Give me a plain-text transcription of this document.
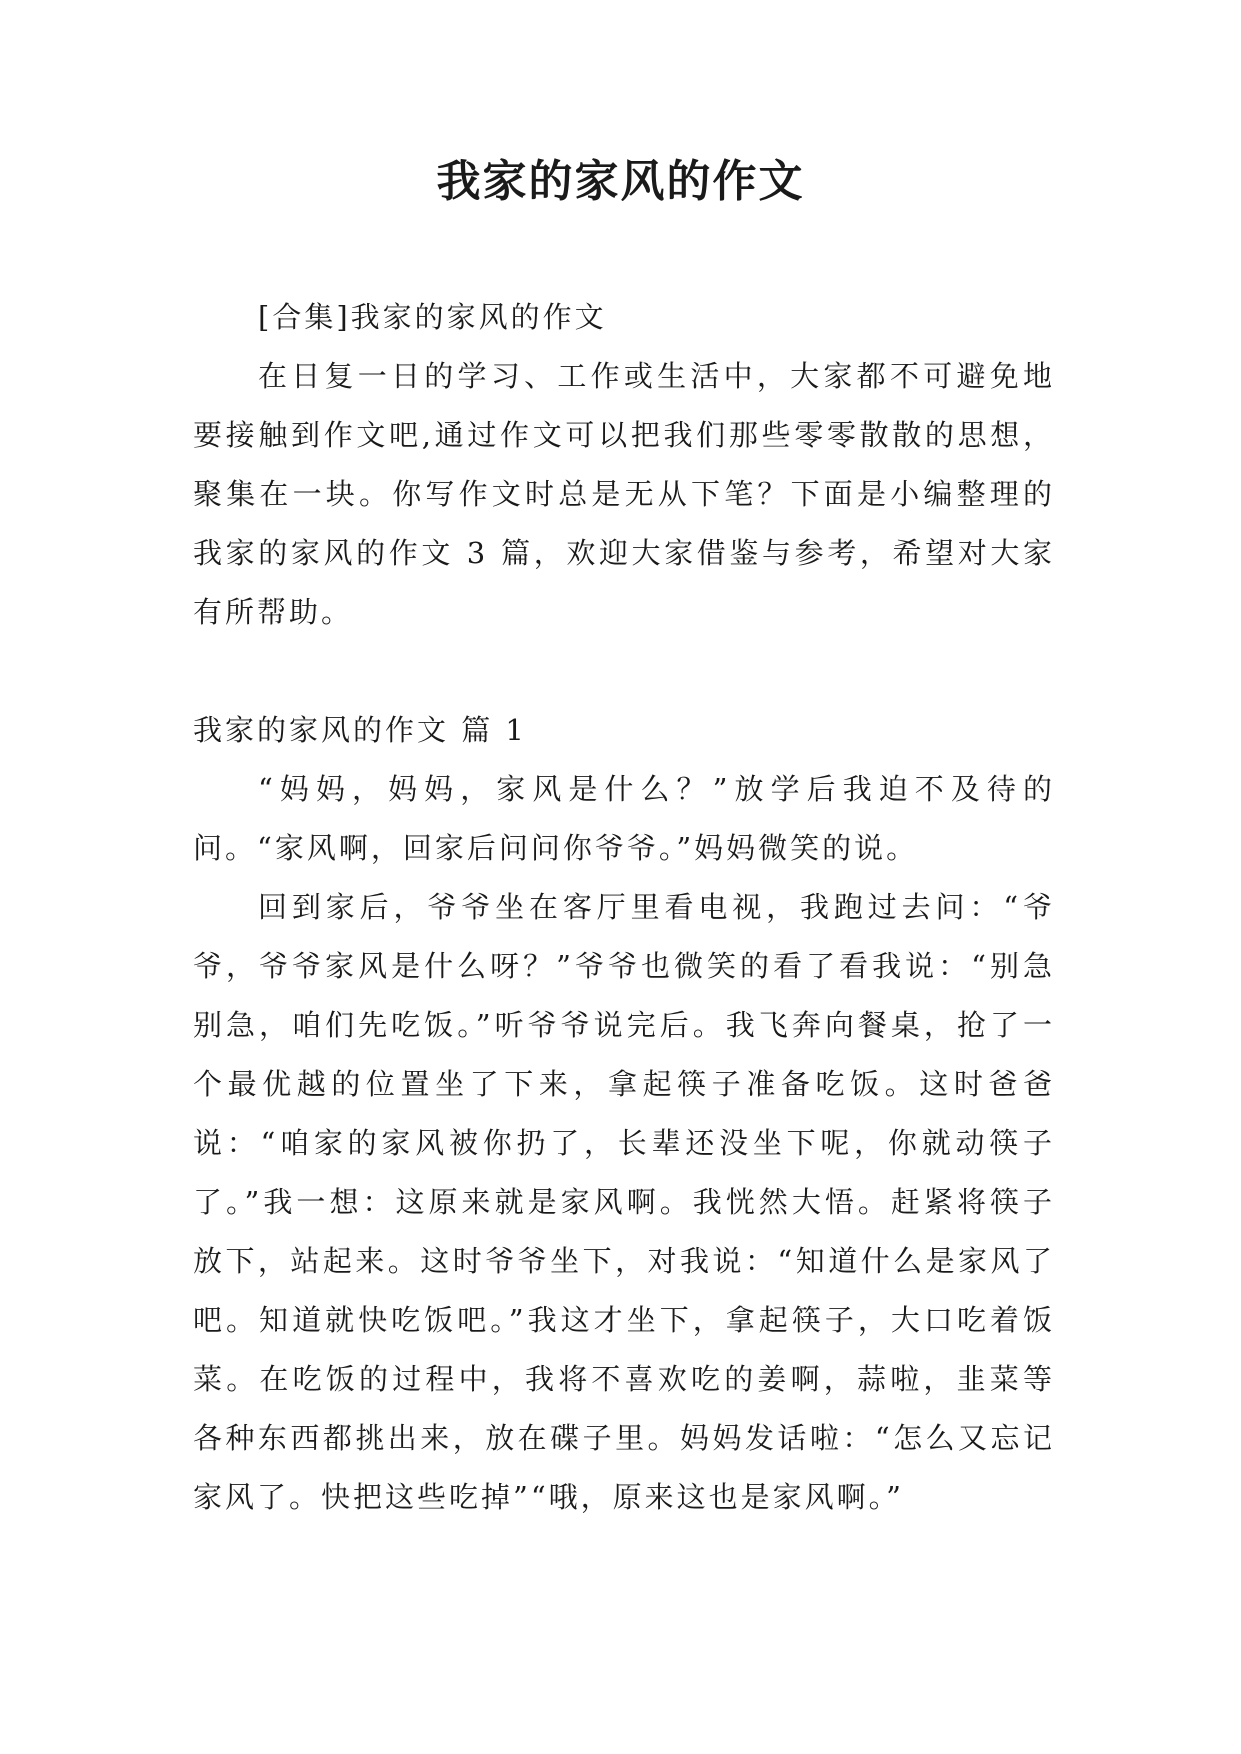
我家的家风的作文

[合集]我家的家风的作文

在日复一日的学习、工作或生活中，大家都不可避免地要接触到作文吧,通过作文可以把我们那些零零散散的思想，聚集在一块。你写作文时总是无从下笔？下面是小编整理的我家的家风的作文 3 篇，欢迎大家借鉴与参考，希望对大家有所帮助。

我家的家风的作文 篇 1

“妈妈，妈妈，家风是什么？”放学后我迫不及待的问。“家风啊，回家后问问你爷爷。”妈妈微笑的说。

回到家后，爷爷坐在客厅里看电视，我跑过去问：“爷爷，爷爷家风是什么呀？”爷爷也微笑的看了看我说：“别急别急，咱们先吃饭。”听爷爷说完后。我飞奔向餐桌，抢了一个最优越的位置坐了下来，拿起筷子准备吃饭。这时爸爸说：“咱家的家风被你扔了，长辈还没坐下呢，你就动筷子了。”我一想：这原来就是家风啊。我恍然大悟。赶紧将筷子放下，站起来。这时爷爷坐下，对我说：“知道什么是家风了吧。知道就快吃饭吧。”我这才坐下，拿起筷子，大口吃着饭菜。在吃饭的过程中，我将不喜欢吃的姜啊，蒜啦，韭菜等各种东西都挑出来，放在碟子里。妈妈发话啦：“怎么又忘记家风了。快把这些吃掉”“哦，原来这也是家风啊。”
